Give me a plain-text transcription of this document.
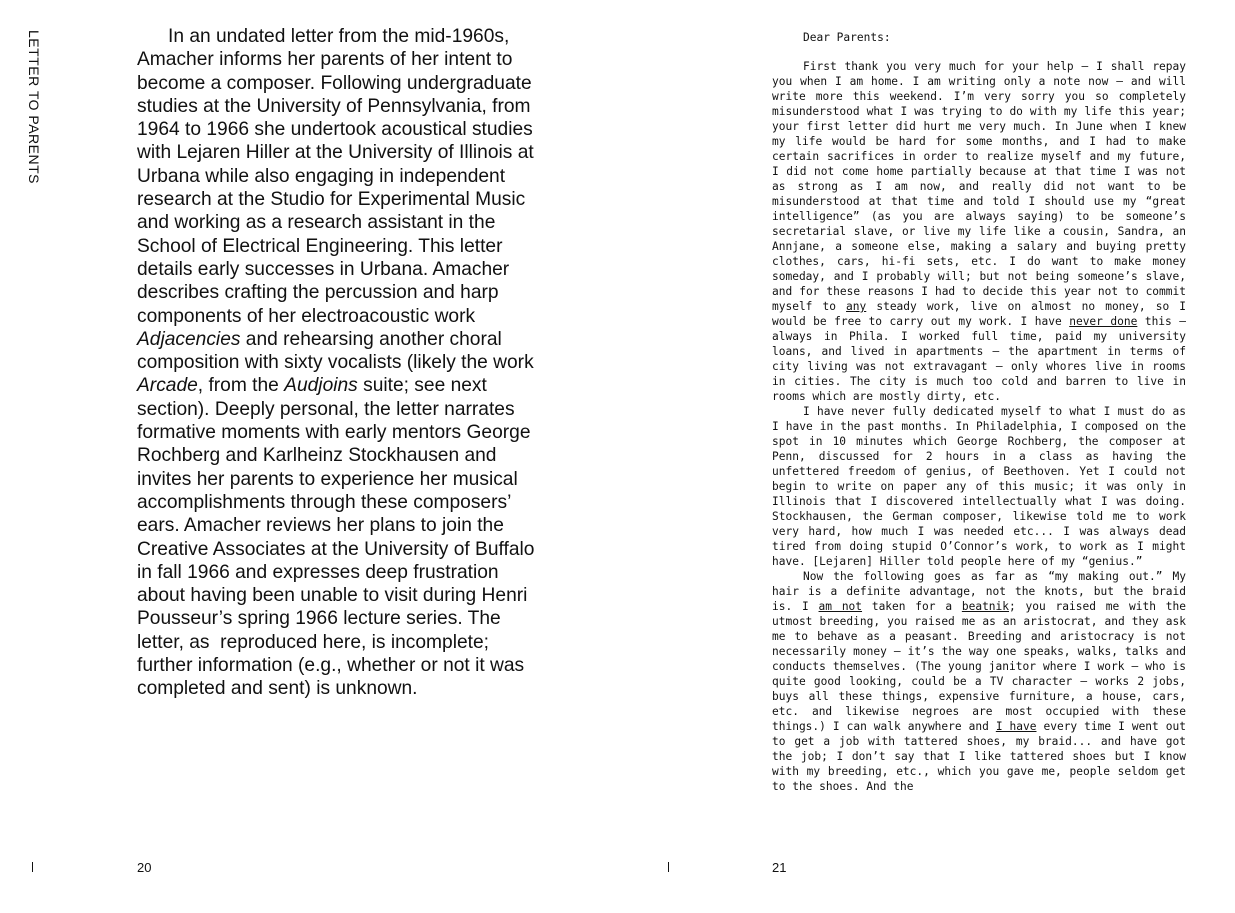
LETTER TO PARENTS	In an undated letter from the mid-1960s, Amacher informs her parents of her intent to become a composer. Following undergraduate studies at the University of Pennsylvania, from 1964 to 1966 she undertook acoustical studies with Lejaren Hiller at the University of Illinois at Urbana while also engaging in independent research at the Studio for Experimental Music and working as a research assistant in the School of Electrical Engineering. This letter details early successes in Urbana. Amacher describes crafting the percussion and harp components of her electroacoustic work Adjacencies and rehearsing another choral composition with sixty vocalists (likely the work Arcade, from the Audjoins suite; see next section). Deeply personal, the letter narrates formative moments with early mentors George Rochberg and Karlheinz Stockhausen and invites her parents to experience her musical accomplishments through these composers’ ears. Amacher reviews her plans to join the Creative Associates at the University of Buffalo in fall 1966 and expresses deep frustration about having been unable to visit during Henri Pousseur’s spring 1966 lecture series. The letter, as  reproduced here, is incomplete; further information (e.g., whether or not it was completed and sent) is unknown.

Dear Parents:

First thank you very much for your help – I shall repay you when I am home. I am writing only a note now – and will write more this weekend. I’m very sorry you so completely misunderstood what I was trying to do with my life this year; your first letter did hurt me very much. In June when I knew my life would be hard for some months, and I had to make certain sacrifices in order to realize myself and my future, I did not come home partially because at that time I was not as strong as I am now, and really did not want to be misunderstood at that time and told I should use my “great intelligence” (as you are always saying) to be someone’s secretarial slave, or live my life like a cousin, Sandra, an Annjane, a someone else, making a salary and buying pretty clothes, cars, hi-fi sets, etc. I do want to make money someday, and I probably will; but not being someone’s slave, and for these reasons I had to decide this year not to commit myself to any steady work, live on almost no money, so I would be free to carry out my work. I have never done this – always in Phila. I worked full time, paid my university loans, and lived in apartments – the apartment in terms of city living was not extravagant – only whores live in rooms in cities. The city is much too cold and barren to live in rooms which are mostly dirty, etc.

I have never fully dedicated myself to what I must do as I have in the past months. In Philadelphia, I composed on the spot in 10 minutes which George Rochberg, the composer at Penn, discussed for 2 hours in a class as having the unfettered freedom of genius, of Beethoven. Yet I could not begin to write on paper any of this music; it was only in Illinois that I discovered intellectually what I was doing. Stockhausen, the German composer, likewise told me to work very hard, how much I was needed etc... I was always dead tired from doing stupid O’Connor’s work, to work as I might have. [Lejaren] Hiller told people here of my “genius.”

Now the following goes as far as “my making out.” My hair is a definite advantage, not the knots, but the braid is. I am not taken for a beatnik; you raised me with the utmost breeding, you raised me as an aristocrat, and they ask me to behave as a peasant. Breeding and aristocracy is not necessarily money – it’s the way one speaks, walks, talks and conducts themselves. (The young janitor where I work – who is quite good looking, could be a TV character – works 2 jobs, buys all these things, expensive furniture, a house, cars, etc. and likewise negroes are most occupied with these things.) I can walk anywhere and I have every time I went out to get a job with tattered shoes, my braid... and have got the job; I don’t say that I like tattered shoes but I know with my breeding, etc., which you gave me, people seldom get to the shoes. And the

20	21
